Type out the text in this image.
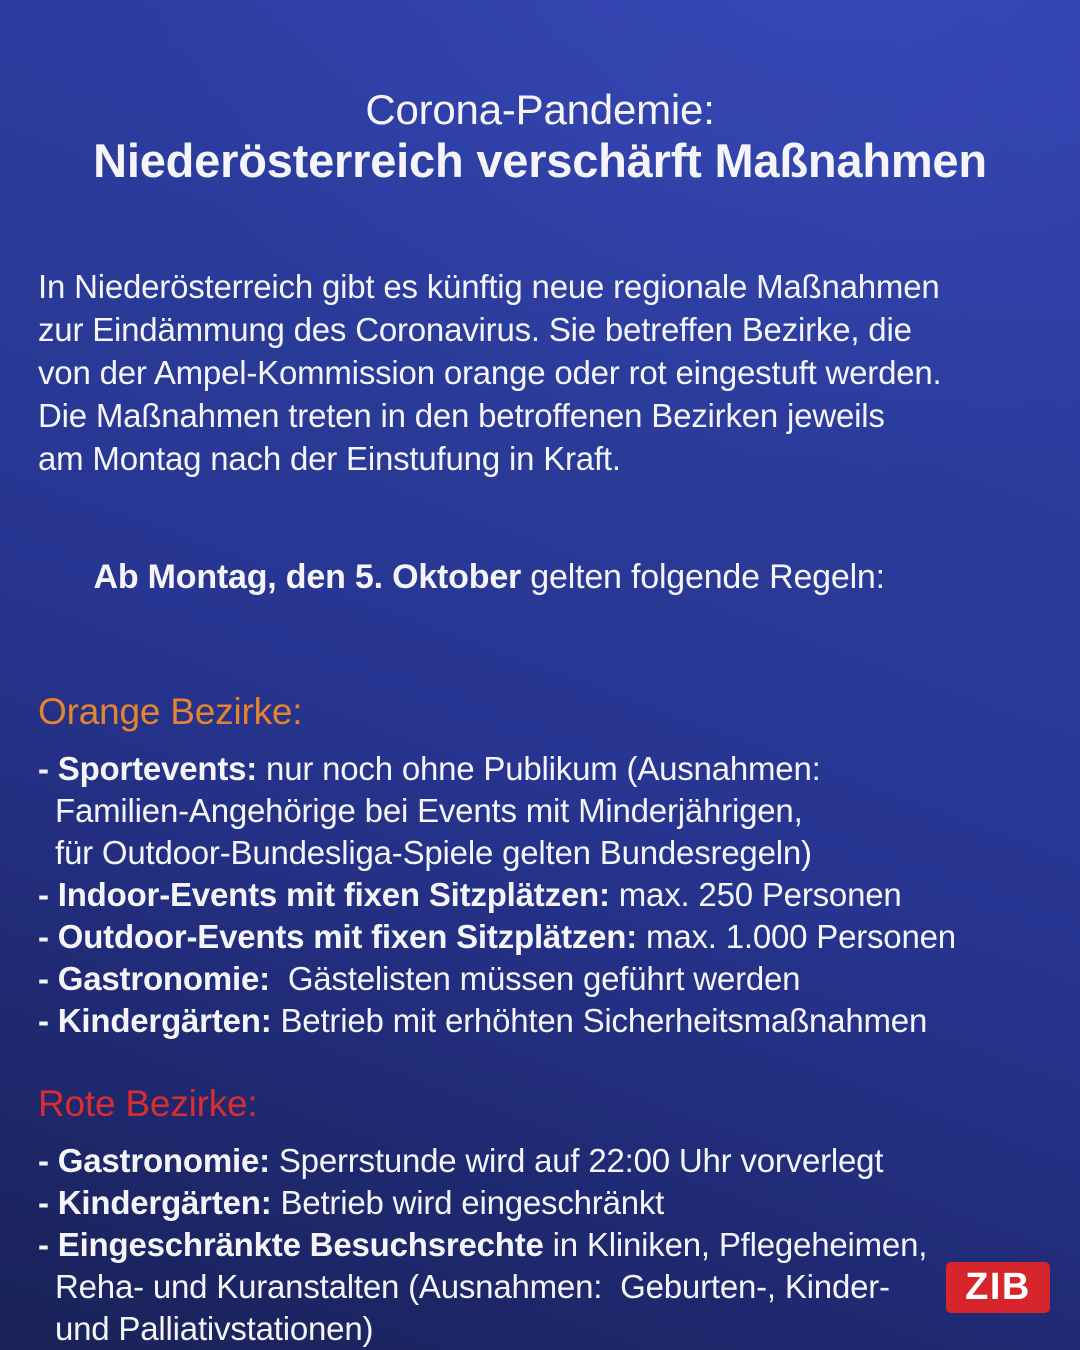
Corona-Pandemie:
Niederösterreich verschärft Maßnahmen
In Niederösterreich gibt es künftig neue regionale Maßnahmen
zur Eindämmung des Coronavirus. Sie betreffen Bezirke, die
von der Ampel-Kommission orange oder rot eingestuft werden.
Die Maßnahmen treten in den betroffenen Bezirken jeweils
am Montag nach der Einstufung in Kraft.

Ab Montag, den 5. Oktober gelten folgende Regeln:

Orange Bezirke:
- Sportevents: nur noch ohne Publikum (Ausnahmen:
Familien-Angehörige bei Events mit Minderjährigen,
für Outdoor-Bundesliga-Spiele gelten Bundesregeln)
- Indoor-Events mit fixen Sitzplätzen: max. 250 Personen
- Outdoor-Events mit fixen Sitzplätzen: max. 1.000 Personen
- Gastronomie:  Gästelisten müssen geführt werden
- Kindergärten: Betrieb mit erhöhten Sicherheitsmaßnahmen
Rote Bezirke:
- Gastronomie: Sperrstunde wird auf 22:00 Uhr vorverlegt
- Kindergärten: Betrieb wird eingeschränkt
- Eingeschränkte Besuchsrechte in Kliniken, Pflegeheimen,
Reha- und Kuranstalten (Ausnahmen:  Geburten-, Kinder-
und Palliativstationen)
ZIB
